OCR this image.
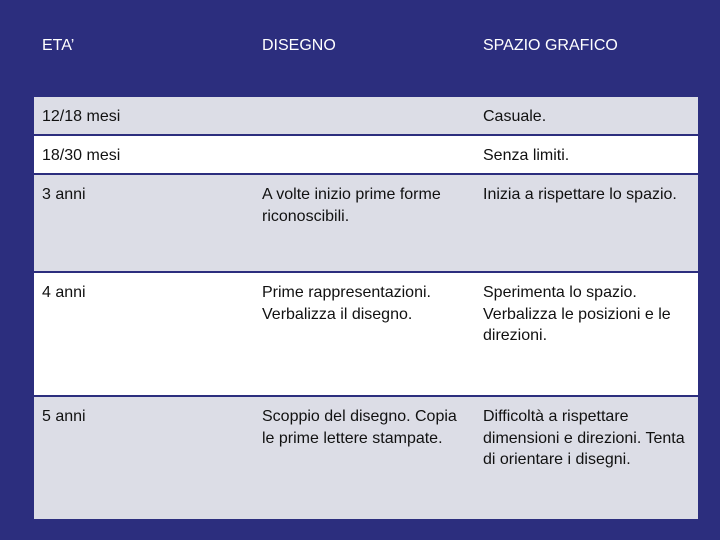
ETA’	DISEGNO	SPAZIO GRAFICO
12/18 mesi		Casuale.
18/30 mesi		Senza limiti.
3 anni	A volte inizio prime forme riconoscibili.	Inizia a rispettare lo spazio.
4 anni	Prime rappresentazioni. Verbalizza il disegno.	Sperimenta lo spazio. Verbalizza le posizioni e le direzioni.
5 anni	Scoppio del disegno. Copia le prime lettere stampate.	Difficoltà a rispettare dimensioni e direzioni. Tenta di orientare i disegni.
